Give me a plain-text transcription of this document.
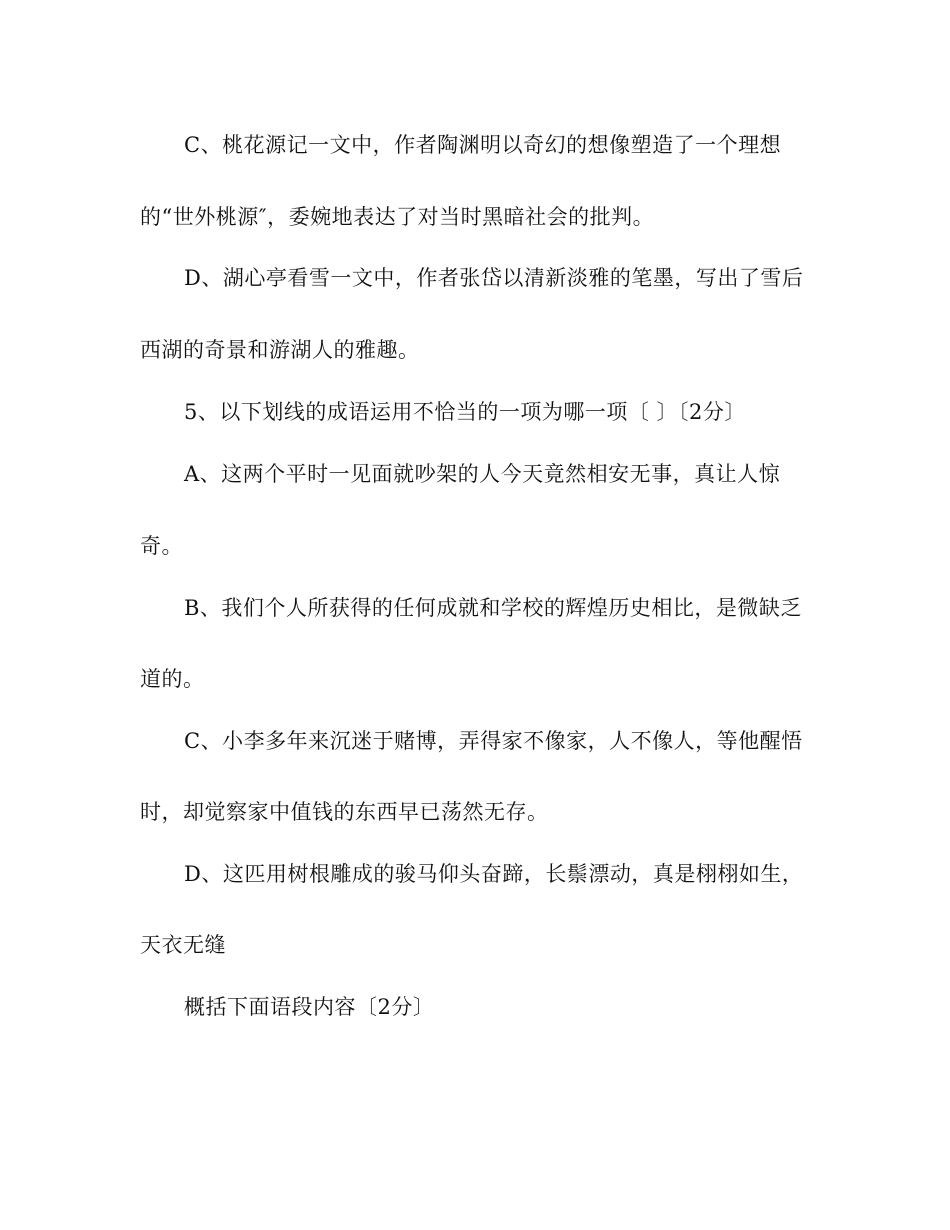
C、桃花源记一文中，作者陶渊明以奇幻的想像塑造了一个理想
的“世外桃源″，委婉地表达了对当时黑暗社会的批判。
D、湖心亭看雪一文中，作者张岱以清新淡雅的笔墨，写出了雪后
西湖的奇景和游湖人的雅趣。
5、以下划线的成语运用不恰当的一项为哪一项〔 〕〔2分〕
A、这两个平时一见面就吵架的人今天竟然相安无事，真让人惊
奇。
B、我们个人所获得的任何成就和学校的辉煌历史相比，是微缺乏
道的。
C、小李多年来沉迷于赌博，弄得家不像家，人不像人，等他醒悟
时，却觉察家中值钱的东西早已荡然无存。
D、这匹用树根雕成的骏马仰头奋蹄，长鬃漂动，真是栩栩如生，
天衣无缝
概括下面语段内容〔2分〕
